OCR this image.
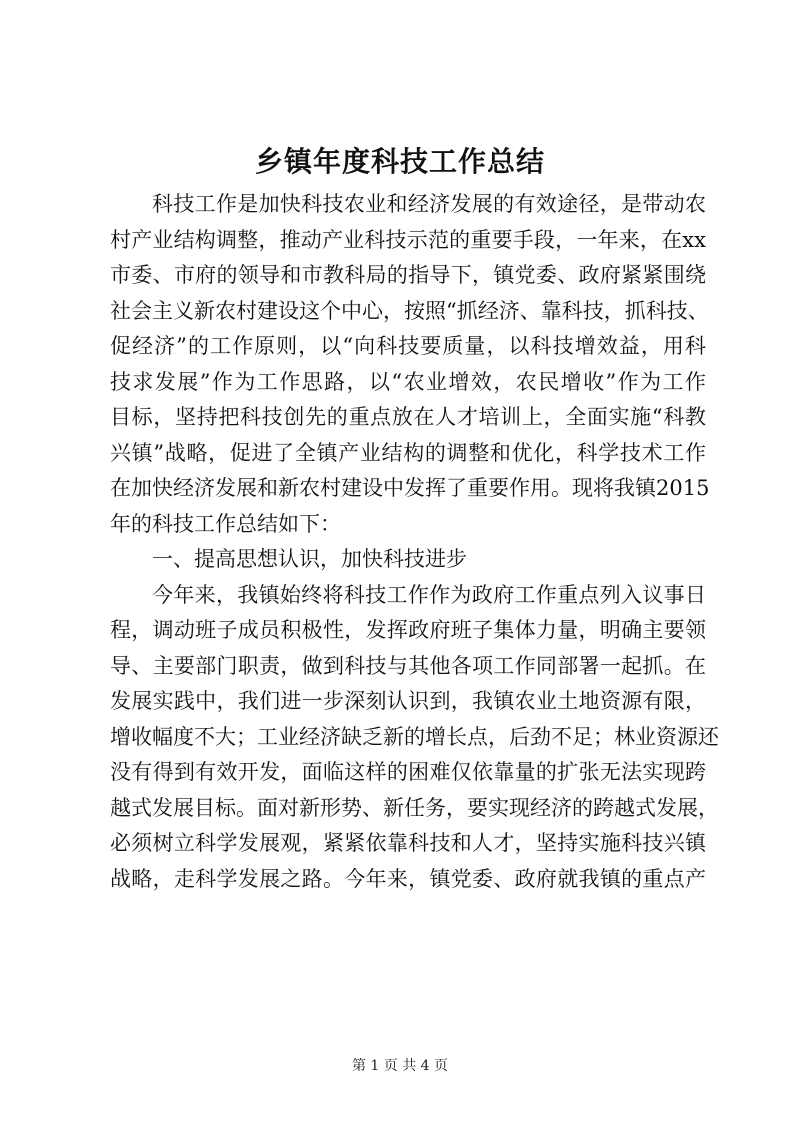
乡镇年度科技工作总结
科技工作是加快科技农业和经济发展的有效途径，是带动农
村产业结构调整，推动产业科技示范的重要手段，一年来，在xx
市委、市府的领导和市教科局的指导下，镇党委、政府紧紧围绕
社会主义新农村建设这个中心，按照“抓经济、靠科技，抓科技、
促经济”的工作原则，以“向科技要质量，以科技增效益，用科
技求发展”作为工作思路，以“农业增效，农民增收”作为工作
目标，坚持把科技创先的重点放在人才培训上，全面实施“科教
兴镇”战略，促进了全镇产业结构的调整和优化，科学技术工作
在加快经济发展和新农村建设中发挥了重要作用。现将我镇2015
年的科技工作总结如下：
一、提高思想认识，加快科技进步
今年来，我镇始终将科技工作作为政府工作重点列入议事日
程，调动班子成员积极性，发挥政府班子集体力量，明确主要领
导、主要部门职责，做到科技与其他各项工作同部署一起抓。在
发展实践中，我们进一步深刻认识到，我镇农业土地资源有限，
增收幅度不大；工业经济缺乏新的增长点，后劲不足；林业资源还
没有得到有效开发，面临这样的困难仅依靠量的扩张无法实现跨
越式发展目标。面对新形势、新任务，要实现经济的跨越式发展，
必须树立科学发展观，紧紧依靠科技和人才，坚持实施科技兴镇
战略，走科学发展之路。今年来，镇党委、政府就我镇的重点产
第 1 页 共 4 页
